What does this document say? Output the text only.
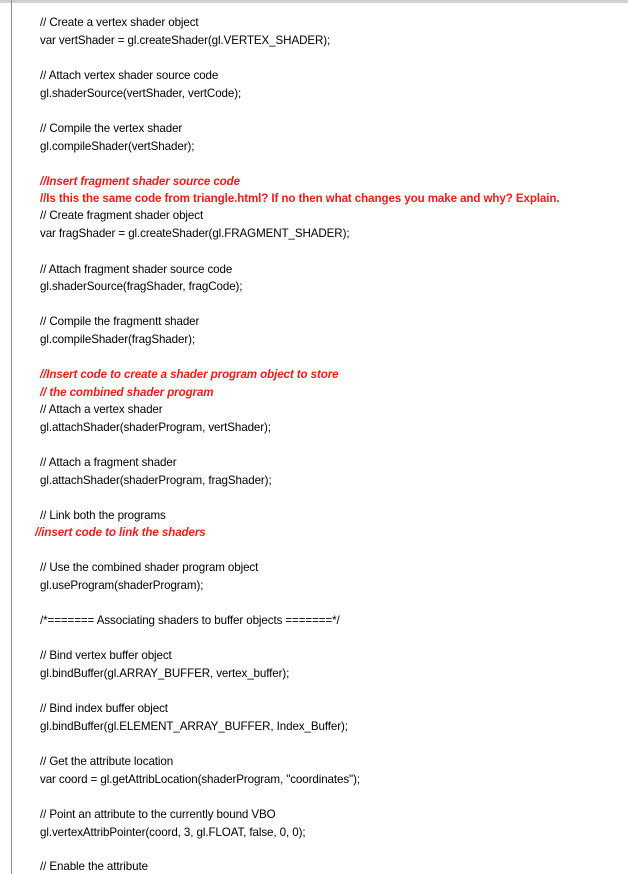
// Create a vertex shader object
var vertShader = gl.createShader(gl.VERTEX_SHADER);
// Attach vertex shader source code
gl.shaderSource(vertShader, vertCode);
// Compile the vertex shader
gl.compileShader(vertShader);
//Insert fragment shader source code
//Is this the same code from triangle.html? If no then what changes you make and why? Explain.
// Create fragment shader object
var fragShader = gl.createShader(gl.FRAGMENT_SHADER);
// Attach fragment shader source code
gl.shaderSource(fragShader, fragCode);
// Compile the fragmentt shader
gl.compileShader(fragShader);
//Insert code to create a shader program object to store
// the combined shader program
// Attach a vertex shader
gl.attachShader(shaderProgram, vertShader);
// Attach a fragment shader
gl.attachShader(shaderProgram, fragShader);
// Link both the programs
//insert code to link the shaders
// Use the combined shader program object
gl.useProgram(shaderProgram);
/*======= Associating shaders to buffer objects =======*/
// Bind vertex buffer object
gl.bindBuffer(gl.ARRAY_BUFFER, vertex_buffer);
// Bind index buffer object
gl.bindBuffer(gl.ELEMENT_ARRAY_BUFFER, Index_Buffer);
// Get the attribute location
var coord = gl.getAttribLocation(shaderProgram, "coordinates");
// Point an attribute to the currently bound VBO
gl.vertexAttribPointer(coord, 3, gl.FLOAT, false, 0, 0);
// Enable the attribute
